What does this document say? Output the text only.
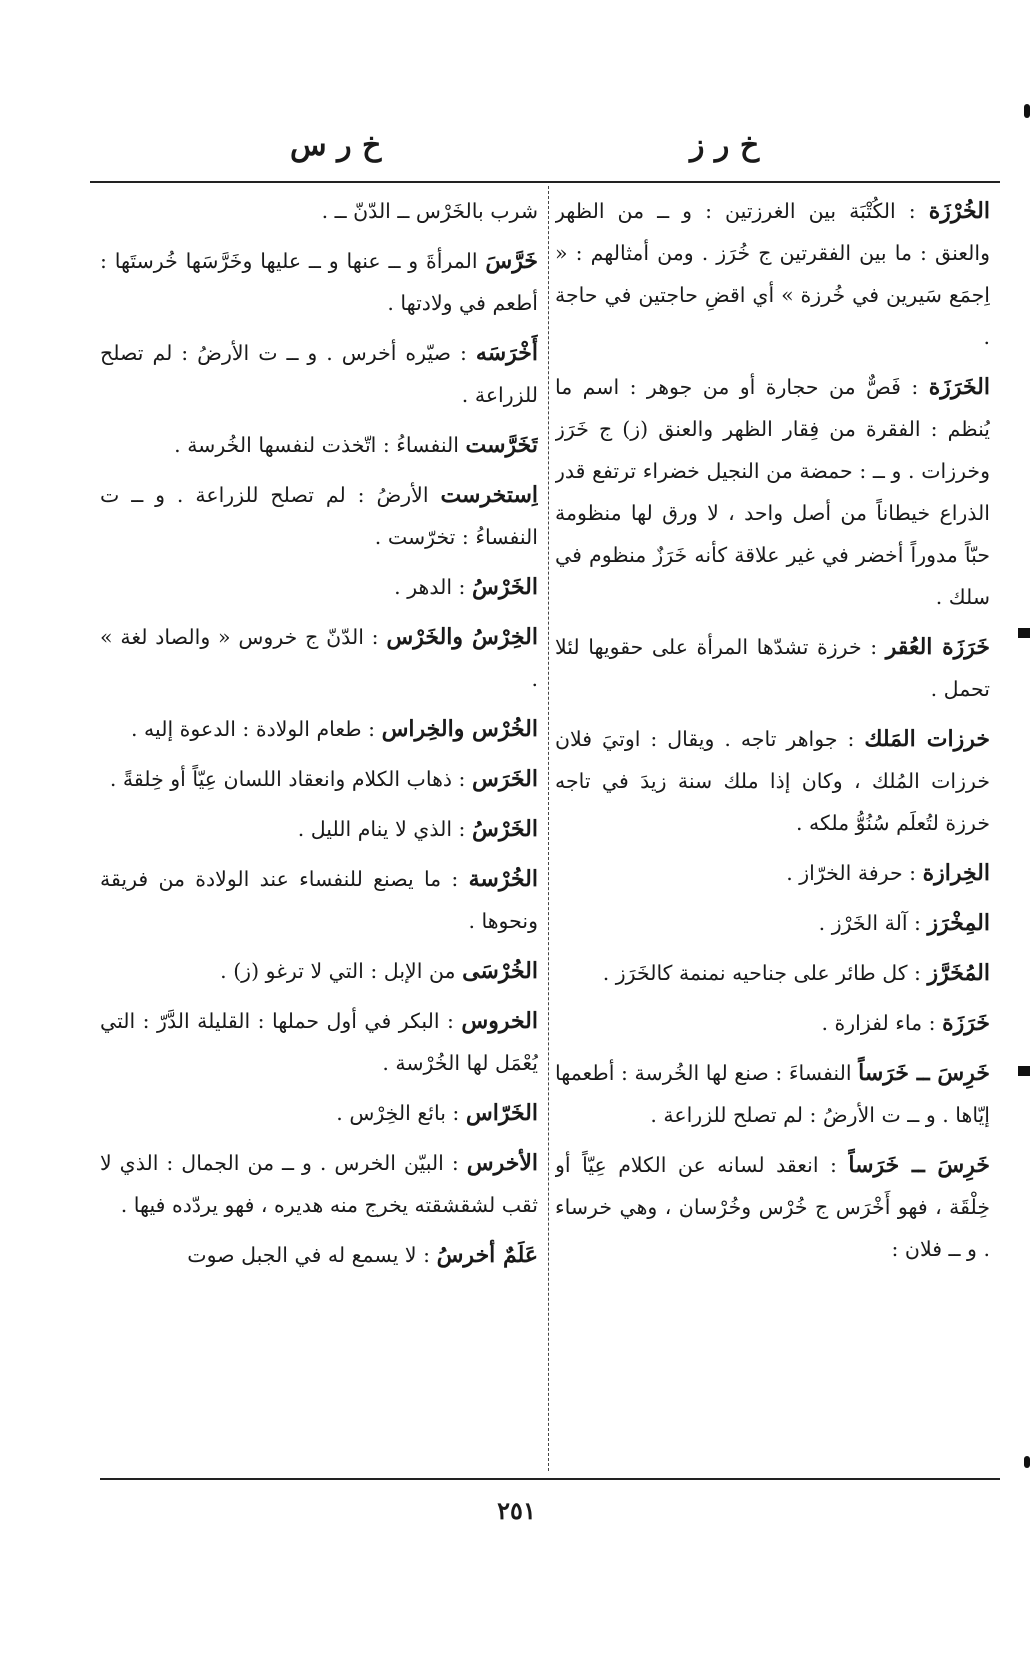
خ ر ز
خ ر س

الخُرْزَة : الكُتْبَة بين الغرزتين : و ــ من الظهر والعنق : ما بين الفقرتين ج خُرَز . ومن أمثالهم : « اِجمَع سَيرين في خُرزة » أي اقضِ حاجتين في حاجة .

الخَرَزَة : فَصٌّ من حجارة أو من جوهر : اسم ما يُنظم : الفقرة من فِقار الظهر والعنق (ز) ج خَرَز وخرزات . و ــ : حمضة من النجيل خضراء ترتفع قدر الذراع خيطاناً من أصل واحد ، لا ورق لها منظومة حبّاً مدوراً أخضر في غير علاقة كأنه خَرَزٌ منظوم في سلك .

خَرَزَة العُقر : خرزة تشدّها المرأة على حقويها لئلا تحمل .

خرزات المَلك : جواهر تاجه . ويقال : اوتيَ فلان خرزات المُلك ، وكان إذا ملك سنة زيدَ في تاجه خرزة لتُعلَم سُنُوُّ ملكه .

الخِرازة : حرفة الخرّاز .

المِخْرَز : آلة الخَرْز .

المُخَرَّز : كل طائر على جناحيه نمنمة كالخَرَز .

خَرَزَة : ماء لفزارة .

خَرِسَ ــ خَرَساً النفساءَ : صنع لها الخُرسة : أطعمها إيّاها . و ــ ت الأرضُ : لم تصلح للزراعة .

خَرِسَ ــ خَرَساً : انعقد لسانه عن الكلام عِيّاً أو خِلْقَة ، فهو أَخْرَس ج خُرْس وخُرْسان ، وهي خرساء . و ــ فلان :

شرب بالخَرْس ــ الدّنّ ــ .

خَرَّسَ المرأةَ و ــ عنها و ــ عليها وخَرَّسَها خُرستَها : أطعم في ولادتها .

أَخْرَسَه : صيّره أخرس . و ــ ت الأرضُ : لم تصلح للزراعة .

تَخَرَّست النفساءُ : اتّخذت لنفسها الخُرسة .

اِستخرست الأرضُ : لم تصلح للزراعة . و ــ ت النفساءُ : تخرّست .

الخَرْسُ : الدهر .

الخِرْسُ والخَرْس : الدّنّ ج خروس « والصاد لغة » .

الخُرْس والخِراس : طعام الولادة : الدعوة إليه .

الخَرَس : ذهاب الكلام وانعقاد اللسان عِيّاً أو خِلقةً .

الخَرْسُ : الذي لا ينام الليل .

الخُرْسة : ما يصنع للنفساء عند الولادة من فريقة ونحوها .

الخُرْسَى من الإبل : التي لا ترغو (ز) .

الخروس : البكر في أول حملها : القليلة الدَّرّ : التي يُعْمَل لها الخُرْسة .

الخَرّاس : بائع الخِرْس .

الأخرس : البيّن الخرس . و ــ من الجمال : الذي لا ثقب لشقشقته يخرج منه هديره ، فهو يردّده فيها .

عَلَمٌ أخرسُ : لا يسمع له في الجبل صوت

٢٥١
